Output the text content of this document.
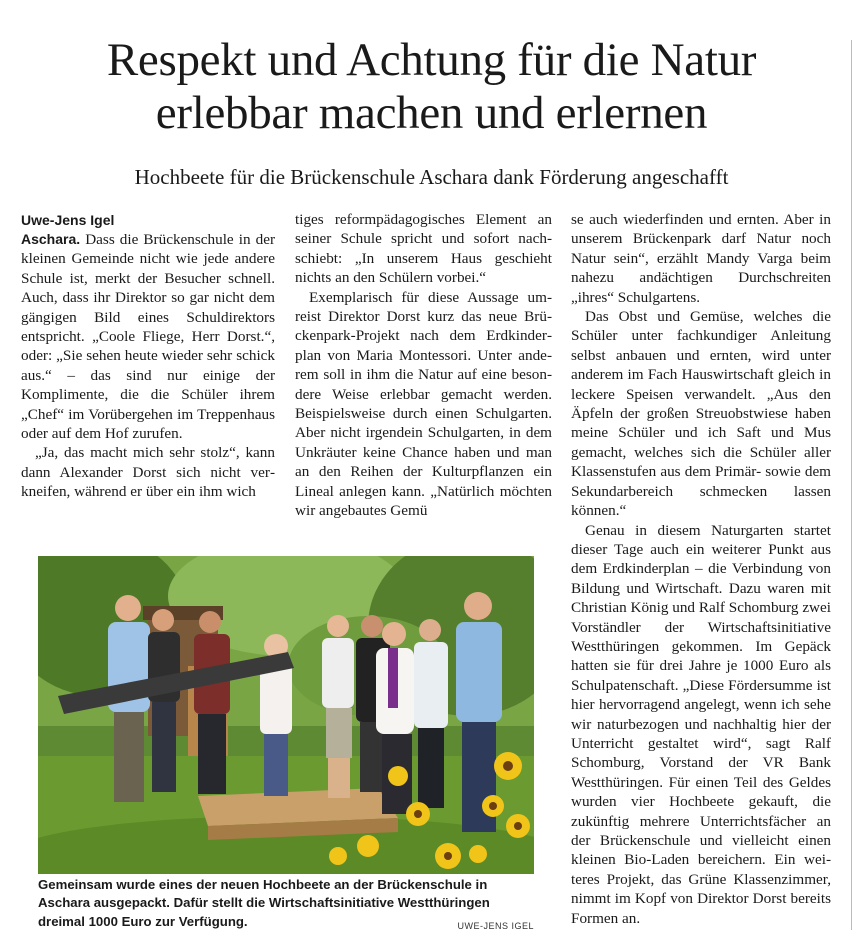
Respekt und Achtung für die Natur
erlebbar machen und erlernen

Hochbeete für die Brückenschule Aschara dank Förderung angeschafft

Uwe-Jens Igel

Aschara. Dass die Brückenschule in der kleinen Gemeinde nicht wie jede andere Schule ist, merkt der Besucher schnell. Auch, dass ihr Direktor so gar nicht dem gängigen Bild eines Schuldirektors entspricht. „Coole Fliege, Herr Dorst.“, oder: „Sie sehen heute wieder sehr schick aus.“ – das sind nur einige der Komplimente, die die Schüler ihrem „Chef“ im Vorübergehen im Treppenhaus oder auf dem Hof zurufen.

„Ja, das macht mich sehr stolz“, kann dann Alexander Dorst sich nicht verkneifen, während er über ein ihm wich

tiges reformpädagogisches Element an seiner Schule spricht und sofort nachschiebt: „In unserem Haus geschieht nichts an den Schülern vorbei.“

Exemplarisch für diese Aussage umreist Direktor Dorst kurz das neue Brückenpark-Projekt nach dem Erdkinderplan von Maria Montessori. Unter anderem soll in ihm die Natur auf eine besondere Weise erlebbar gemacht werden. Beispielsweise durch einen Schulgarten. Aber nicht irgendein Schulgarten, in dem Unkräuter keine Chance haben und man an den Reihen der Kulturpflanzen ein Lineal anlegen kann. „Natürlich möchten wir angebautes Gemü

se auch wiederfinden und ernten. Aber in unserem Brückenpark darf Natur noch Natur sein“, erzählt Mandy Varga beim nahezu andächtigen Durchschreiten „ihres“ Schulgartens.

Das Obst und Gemüse, welches die Schüler unter fachkundiger Anleitung selbst anbauen und ernten, wird unter anderem im Fach Hauswirtschaft gleich in leckere Speisen verwandelt. „Aus den Äpfeln der großen Streuobstwiese haben meine Schüler und ich Saft und Mus gemacht, welches sich die Schüler aller Klassenstufen aus dem Primär- sowie dem Sekundarbereich schmecken lassen können.“

Genau in diesem Naturgarten startet dieser Tage auch ein weiterer Punkt aus dem Erdkinderplan – die Verbindung von Bildung und Wirtschaft. Dazu waren mit Christian König und Ralf Schomburg zwei Vorständler der Wirtschaftsinitiative Westthüringen gekommen. Im Gepäck hatten sie für drei Jahre je 1000 Euro als Schulpatenschaft. „Diese Fördersumme ist hier hervorragend angelegt, wenn ich sehe wir naturbezogen und nachhaltig hier der Unterricht gestaltet wird“, sagt Ralf Schomburg, Vorstand der VR Bank Westthüringen. Für einen Teil des Geldes wurden vier Hochbeete gekauft, die zukünftig mehrere Unterrichtsfächer an der Brückenschule und vielleicht einen kleinen Bio-Laden bereichern. Ein weiteres Projekt, das Grüne Klassenzimmer, nimmt im Kopf von Direktor Dorst bereits Formen an.

Gemeinsam wurde eines der neuen Hochbeete an der Brückenschule in Aschara ausgepackt. Dafür stellt die Wirtschaftsinitiative Westthüringen dreimal 1000 Euro zur Verfügung.	UWE-JENS IGEL
